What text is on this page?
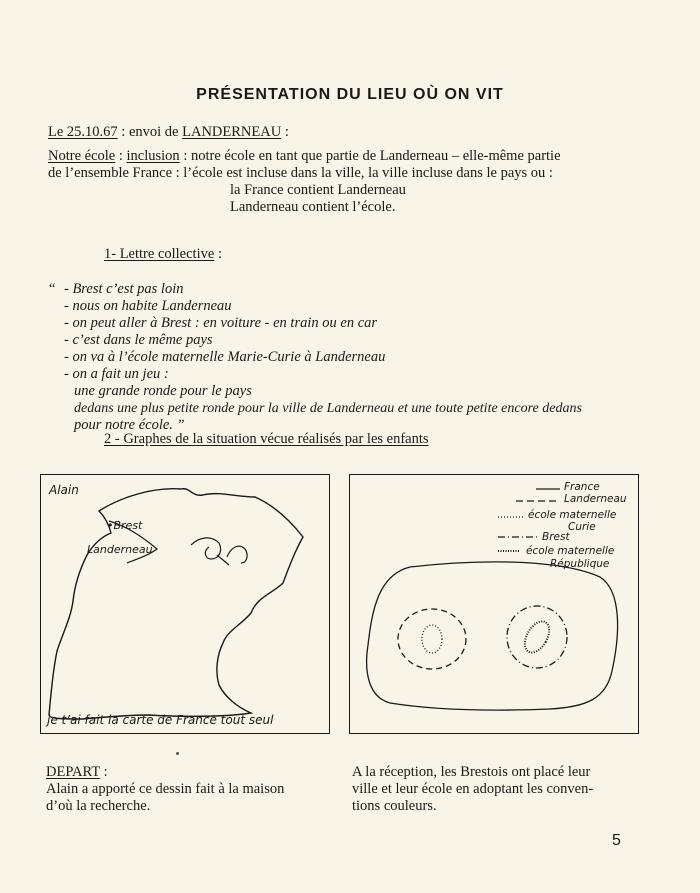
PRÉSENTATION DU LIEU OÙ ON VIT
Le 25.10.67 : envoi de LANDERNEAU :
Notre école : inclusion : notre école en tant que partie de Landerneau – elle-même partie
de l’ensemble France : l’école est incluse dans la ville, la ville incluse dans le pays ou :
la France contient Landerneau
Landerneau contient l’école.
1- Lettre collective :
“ - Brest c’est pas loin
- nous on habite Landerneau
- on peut aller à Brest : en voiture - en train ou en car
- c’est dans le même pays
- on va à l’école maternelle Marie-Curie à Landerneau
- on a fait un jeu :
une grande ronde pour le pays
dedans une plus petite ronde pour la ville de Landerneau et une toute petite encore dedans
pour notre école. ”
2 - Graphes de la situation vécue réalisés par les enfants
Alain
•Brest
Landerneau
je t’ai fait la carte de France tout seul
France
Landerneau
école maternelle
Curie
Brest
école maternelle
République
DEPART :
Alain a apporté ce dessin fait à la maison
d’où la recherche.
A la réception, les Brestois ont placé leur
ville et leur école en adoptant les conven-
tions couleurs.
5
